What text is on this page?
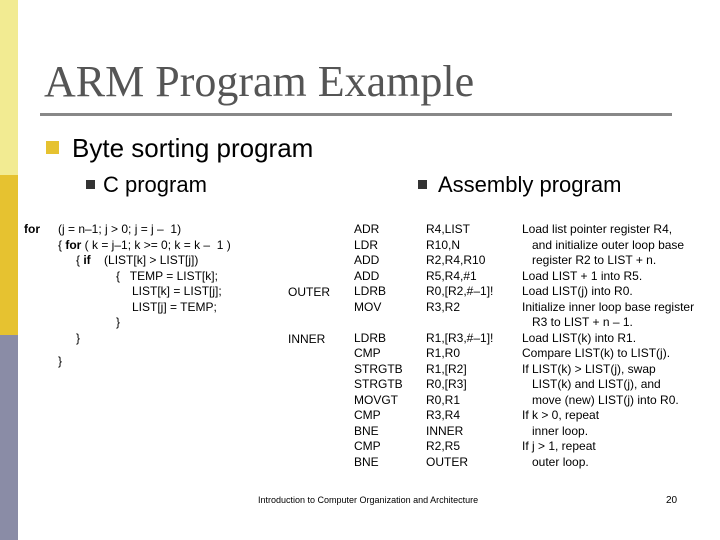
ARM Program Example
Byte sorting program
C program	Assembly program
for (j = n–1; j > 0; j = j –  1)
{ for ( k = j–1; k >= 0; k = k –  1 )
{ if    (LIST[k] > LIST[j])
{   TEMP = LIST[k];
LIST[k] = LIST[j];
LIST[j] = TEMP;
}
}
}
OUTER
INNER
ADR
LDR
ADD
ADD
LDRB
MOV
LDRB
CMP
STRGTB
STRGTB
MOVGT
CMP
BNE
CMP
BNE
R4,LIST
R10,N
R2,R4,R10
R5,R4,#1
R0,[R2,#–1]!
R3,R2
R1,[R3,#–1]!
R1,R0
R1,[R2]
R0,[R3]
R0,R1
R3,R4
INNER
R2,R5
OUTER
Load list pointer register R4,
and initialize outer loop base
register R2 to LIST + n.
Load LIST + 1 into R5.
Load LIST(j) into R0.
Initialize inner loop base register
R3 to LIST + n – 1.
Load LIST(k) into R1.
Compare LIST(k) to LIST(j).
If LIST(k) > LIST(j), swap
LIST(k) and LIST(j), and
move (new) LIST(j) into R0.
If k > 0, repeat
inner loop.
If j > 1, repeat
outer loop.
Introduction to Computer Organization and Architecture	20
